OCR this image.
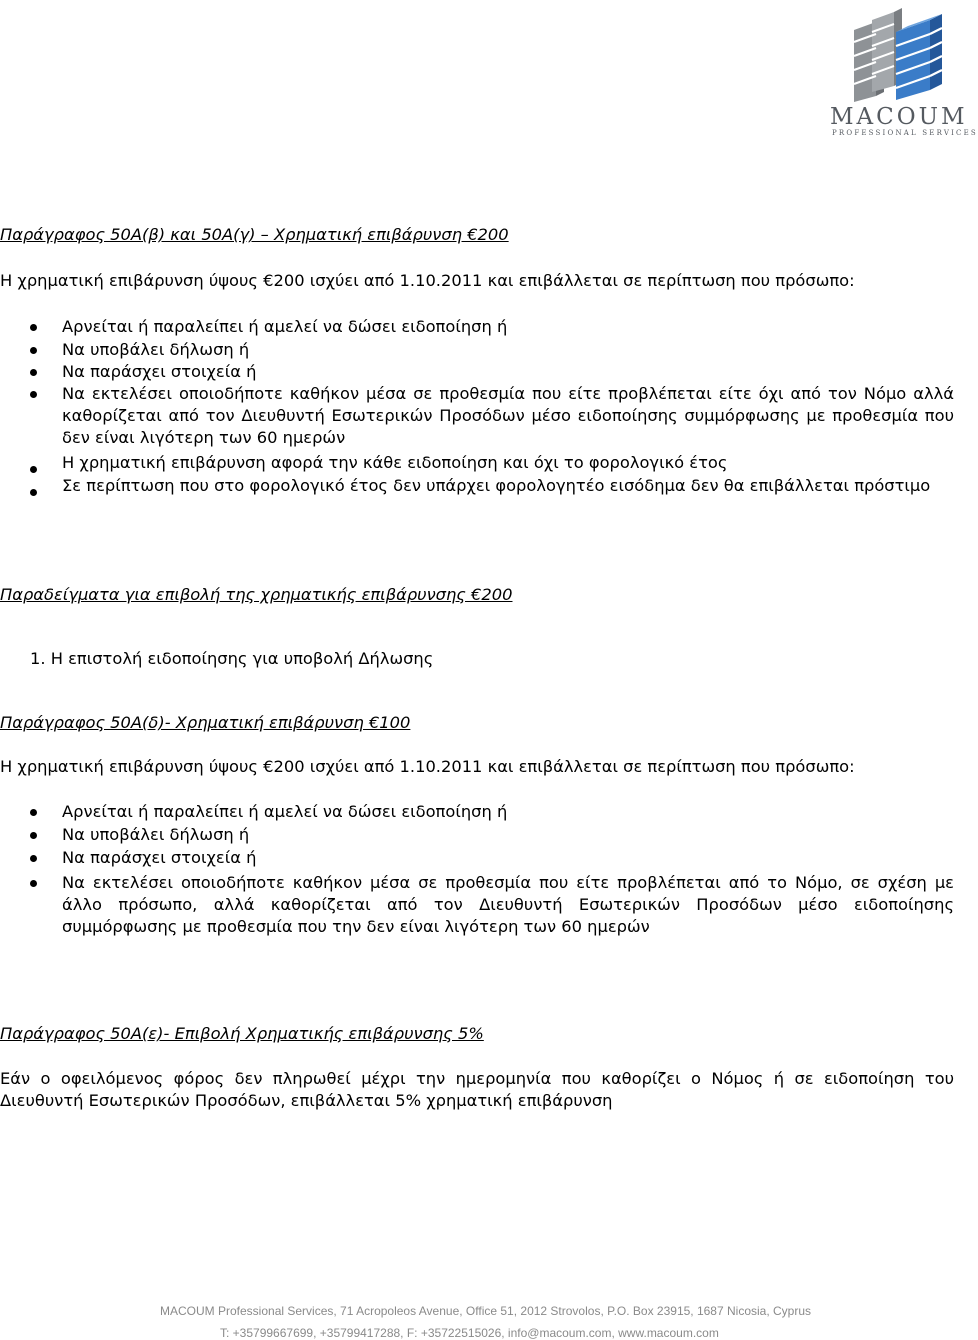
MACOUM
PROFESSIONAL SERVICES
Παράγραφος 50Α(β) και 50Α(γ) – Χρηματική επιβάρυνση €200
Η χρηματική επιβάρυνση ύψους €200 ισχύει από 1.10.2011 και επιβάλλεται σε περίπτωση που πρόσωπο:
Αρνείται ή παραλείπει ή αμελεί να δώσει ειδοποίηση ή
Να υποβάλει δήλωση ή
Να παράσχει στοιχεία ή
Να εκτελέσει οποιοδήποτε καθήκον μέσα σε προθεσμία που είτε προβλέπεται είτε όχι από τον Νόμο αλλά καθορίζεται από τον Διευθυντή Εσωτερικών Προσόδων μέσο ειδοποίησης συμμόρφωσης με προθεσμία που δεν είναι λιγότερη των 60 ημερών
Η χρηματική επιβάρυνση αφορά την κάθε ειδοποίηση και όχι το φορολογικό έτος
Σε περίπτωση που στο φορολογικό έτος δεν υπάρχει φορολογητέο εισόδημα δεν θα επιβάλλεται πρόστιμο
Παραδείγματα για επιβολή της χρηματικής επιβάρυνσης €200
1. Η επιστολή ειδοποίησης για υποβολή Δήλωσης
Παράγραφος 50Α(δ)- Χρηματική επιβάρυνση €100
Η χρηματική επιβάρυνση ύψους €200 ισχύει από 1.10.2011 και επιβάλλεται σε περίπτωση που πρόσωπο:
Αρνείται ή παραλείπει ή αμελεί να δώσει ειδοποίηση ή
Να υποβάλει δήλωση ή
Να παράσχει στοιχεία ή
Να εκτελέσει οποιοδήποτε καθήκον μέσα σε προθεσμία που είτε προβλέπεται από το Νόμο, σε σχέση με άλλο πρόσωπο, αλλά καθορίζεται από τον Διευθυντή Εσωτερικών Προσόδων μέσο ειδοποίησης συμμόρφωσης με προθεσμία που την δεν είναι λιγότερη των 60 ημερών
Παράγραφος 50Α(ε)- Επιβολή Χρηματικής επιβάρυνσης 5%
Εάν ο οφειλόμενος φόρος δεν πληρωθεί μέχρι την ημερομηνία που καθορίζει ο Νόμος ή σε ειδοποίηση του Διευθυντή Εσωτερικών Προσόδων, επιβάλλεται 5% χρηματική επιβάρυνση
MACOUM Professional Services, 71 Acropoleos Avenue, Office 51, 2012 Strovolos, P.O. Box 23915, 1687 Nicosia, Cyprus
T: +35799667699, +35799417288, F: +35722515026, info@macoum.com, www.macoum.com
